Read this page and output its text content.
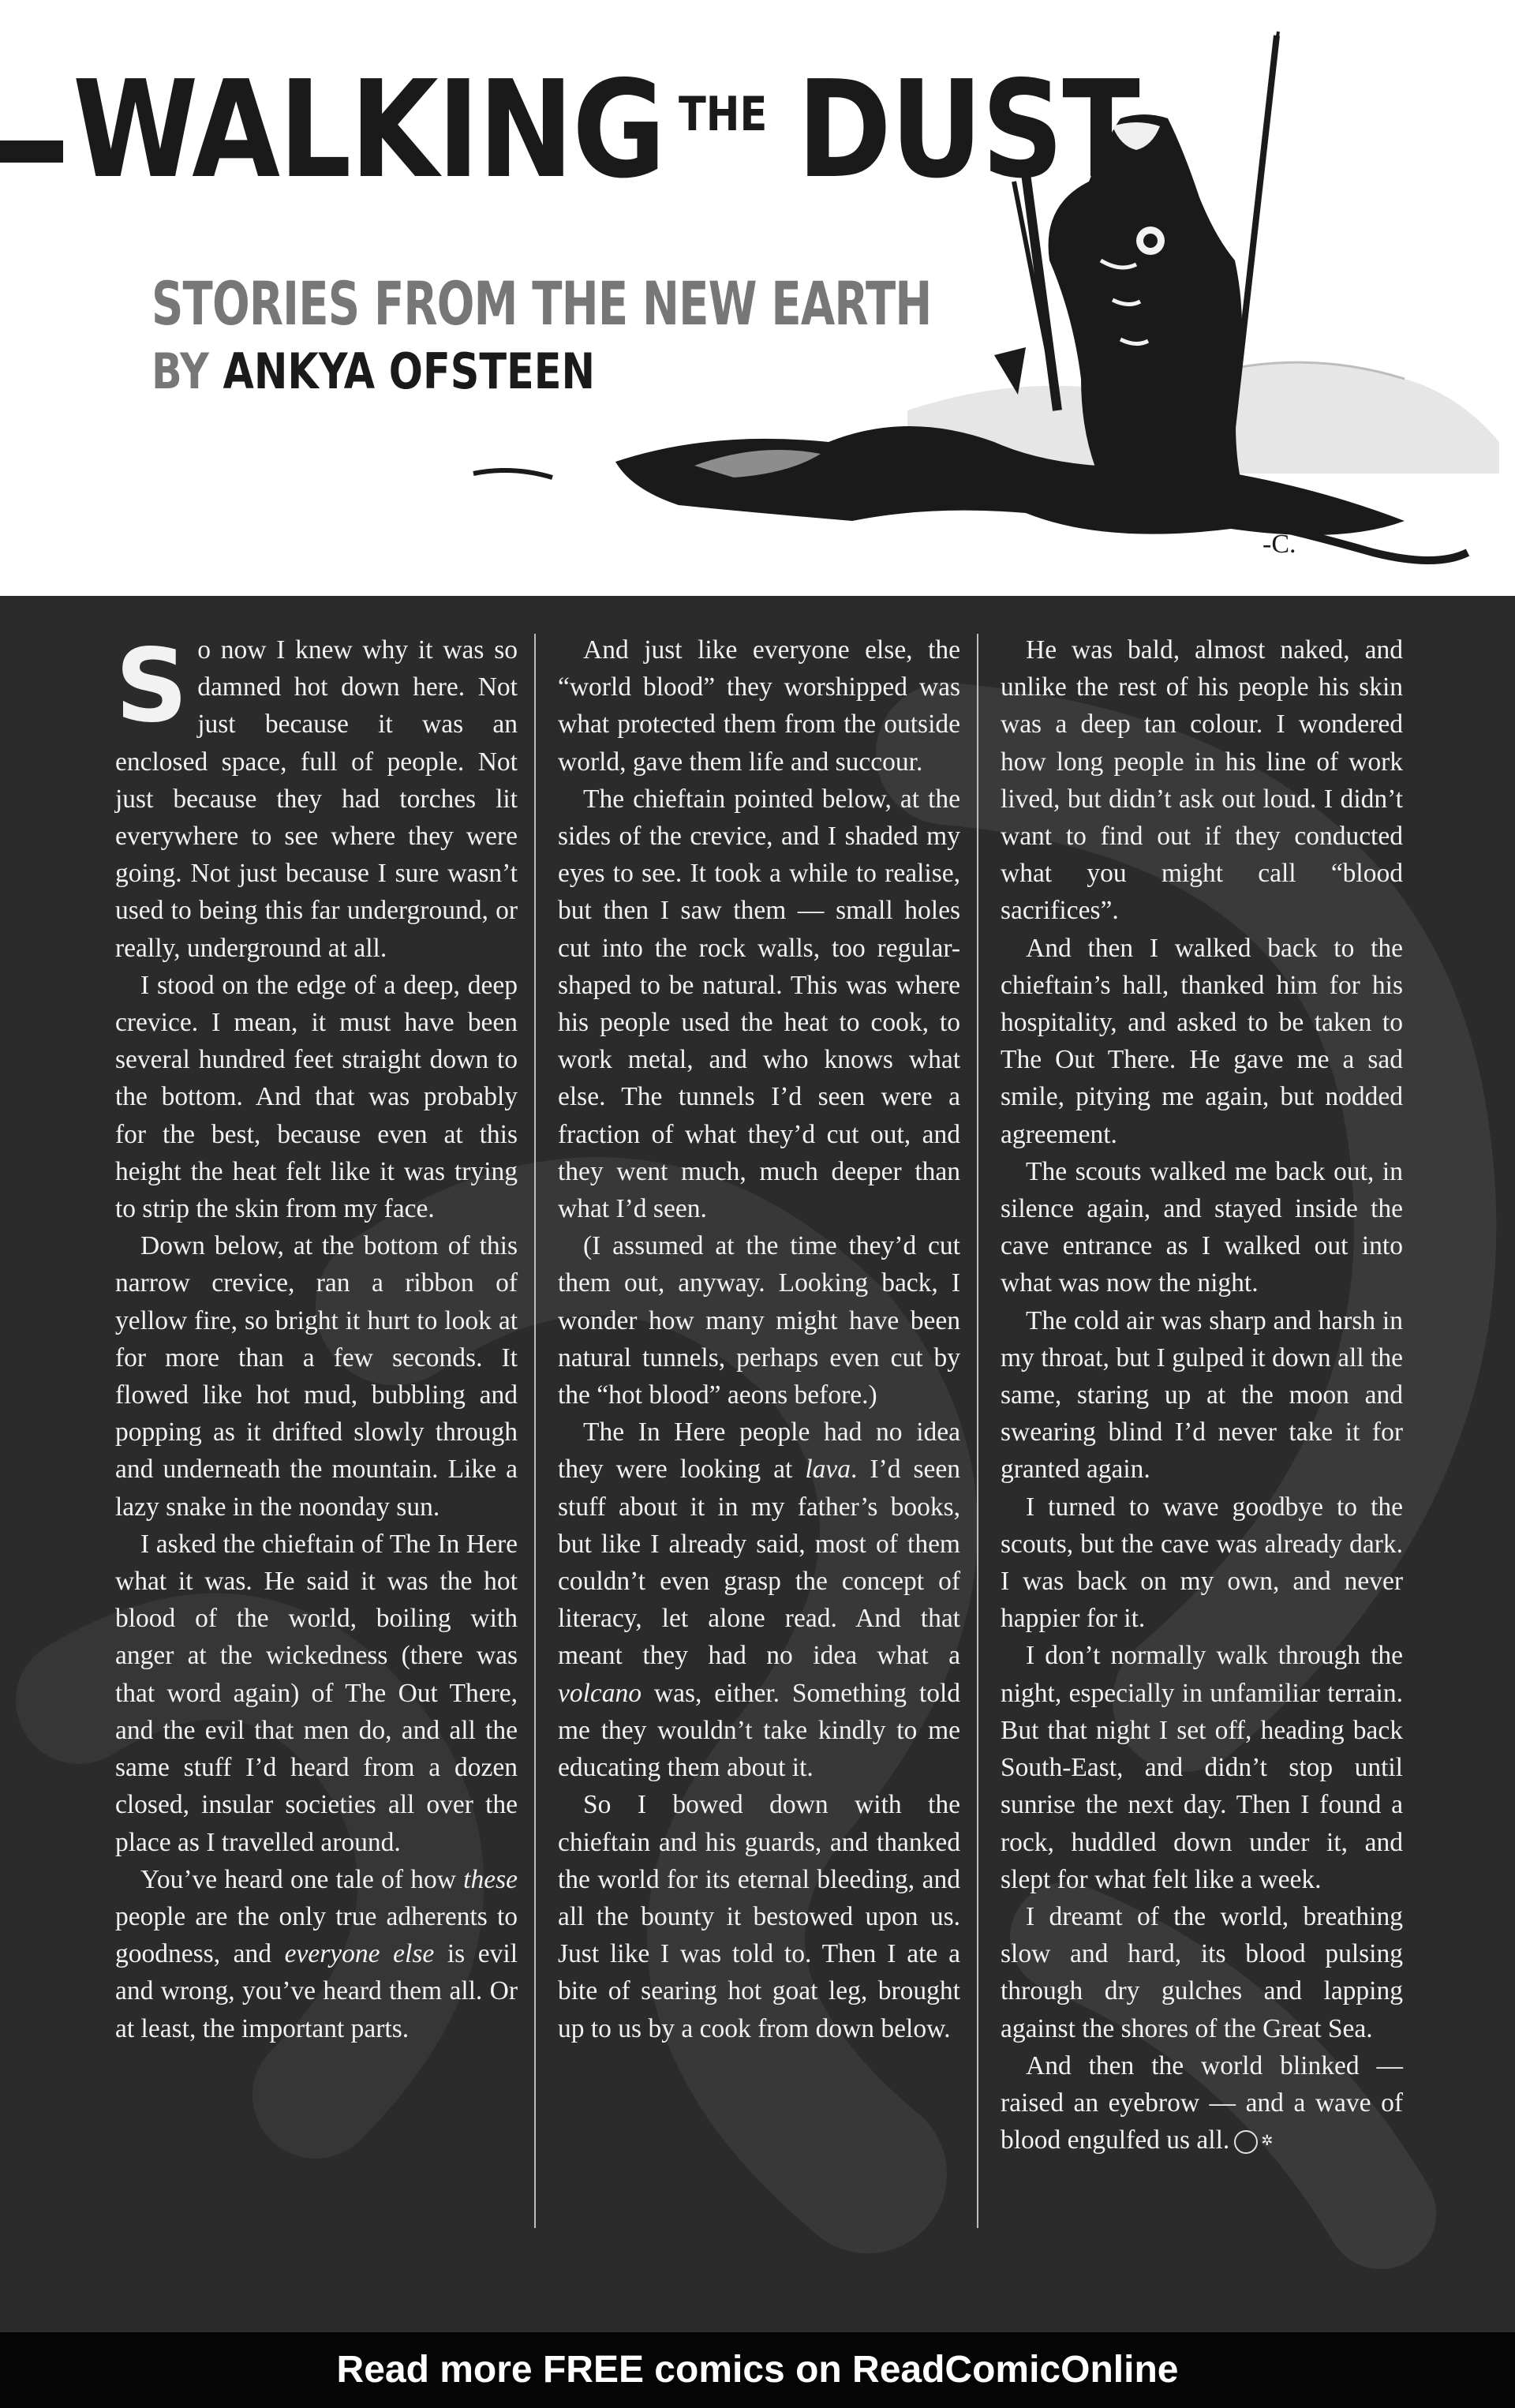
-C.
WALKING THE DUST
STORIES FROM THE NEW EARTH
BY ANKYA OFSTEEN

So now I knew why it was so damned hot down here. Not just because it was an enclosed space, full of people. Not just because they had torches lit everywhere to see where they were going. Not just because I sure wasn’t used to being this far underground, or really, underground at all.

I stood on the edge of a deep, deep crevice. I mean, it must have been several hundred feet straight down to the bottom. And that was probably for the best, because even at this height the heat felt like it was trying to strip the skin from my face.

Down below, at the bottom of this narrow crevice, ran a ribbon of yellow fire, so bright it hurt to look at for more than a few seconds. It flowed like hot mud, bubbling and popping as it drifted slowly through and underneath the mountain. Like a lazy snake in the noonday sun.

I asked the chieftain of The In Here what it was. He said it was the hot blood of the world, boiling with anger at the wickedness (there was that word again) of The Out There, and the evil that men do, and all the same stuff I’d heard from a dozen closed, insular societies all over the place as I travelled around.

You’ve heard one tale of how these people are the only true adherents to goodness, and everyone else is evil and wrong, you’ve heard them all. Or at least, the important parts.

And just like everyone else, the “world blood” they worshipped was what protected them from the outside world, gave them life and succour.

The chieftain pointed below, at the sides of the crevice, and I shaded my eyes to see. It took a while to realise, but then I saw them — small holes cut into the rock walls, too regular-shaped to be natural. This was where his people used the heat to cook, to work metal, and who knows what else. The tunnels I’d seen were a fraction of what they’d cut out, and they went much, much deeper than what I’d seen.

(I assumed at the time they’d cut them out, anyway. Looking back, I wonder how many might have been natural tunnels, perhaps even cut by the “hot blood” aeons before.)

The In Here people had no idea they were looking at lava. I’d seen stuff about it in my father’s books, but like I already said, most of them couldn’t even grasp the concept of literacy, let alone read. And that meant they had no idea what a volcano was, either. Something told me they wouldn’t take kindly to me educating them about it.

So I bowed down with the chieftain and his guards, and thanked the world for its eternal bleeding, and all the bounty it bestowed upon us. Just like I was told to. Then I ate a bite of searing hot goat leg, brought up to us by a cook from down below.

He was bald, almost naked, and unlike the rest of his people his skin was a deep tan colour. I wondered how long people in his line of work lived, but didn’t ask out loud. I didn’t want to find out if they conducted what you might call “blood sacrifices”.

And then I walked back to the chieftain’s hall, thanked him for his hospitality, and asked to be taken to The Out There. He gave me a sad smile, pitying me again, but nodded agreement.

The scouts walked me back out, in silence again, and stayed inside the cave entrance as I walked out into what was now the night.

The cold air was sharp and harsh in my throat, but I gulped it down all the same, staring up at the moon and swearing blind I’d never take it for granted again.

I turned to wave goodbye to the scouts, but the cave was already dark. I was back on my own, and never happier for it.

I don’t normally walk through the night, especially in unfamiliar terrain. But that night I set off, heading back South-East, and didn’t stop until sunrise the next day. Then I found a rock, huddled down under it, and slept for what felt like a week.

I dreamt of the world, breathing slow and hard, its blood pulsing through dry gulches and lapping against the shores of the Great Sea.

And then the world blinked — raised an eyebrow — and a wave of blood engulfed us all. ✲

Read more FREE comics on ReadComicOnline
